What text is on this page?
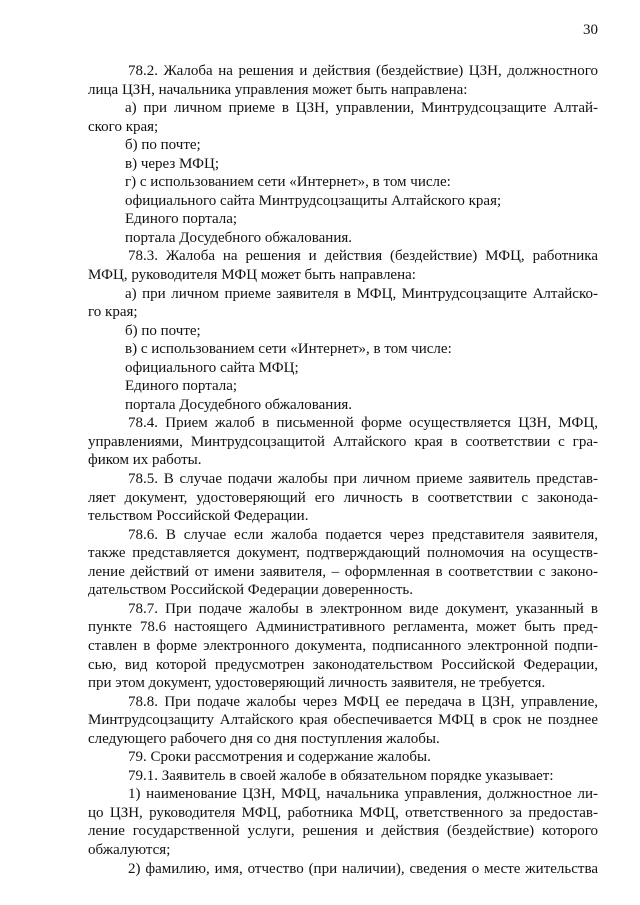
30
78.2. Жалоба на решения и действия (бездействие) ЦЗН, должностного
лица ЦЗН, начальника управления может быть направлена:
а) при личном приеме в ЦЗН, управлении, Минтрудсоцзащите Алтай-
ского края;
б) по почте;
в) через МФЦ;
г) с использованием сети «Интернет», в том числе:
официального сайта Минтрудсоцзащиты Алтайского края;
Единого портала;
портала Досудебного обжалования.
78.3. Жалоба на решения и действия (бездействие) МФЦ, работника
МФЦ, руководителя МФЦ может быть направлена:
а) при личном приеме заявителя в МФЦ, Минтрудсоцзащите Алтайско-
го края;
б) по почте;
в) с использованием сети «Интернет», в том числе:
официального сайта МФЦ;
Единого портала;
портала Досудебного обжалования.
78.4. Прием жалоб в письменной форме осуществляется ЦЗН, МФЦ,
управлениями, Минтрудсоцзащитой Алтайского края в соответствии с гра-
фиком их работы.
78.5. В случае подачи жалобы при личном приеме заявитель представ-
ляет документ, удостоверяющий его личность в соответствии с законода-
тельством Российской Федерации.
78.6. В случае если жалоба подается через представителя заявителя,
также представляется документ, подтверждающий полномочия на осуществ-
ление действий от имени заявителя, – оформленная в соответствии с законо-
дательством Российской Федерации доверенность.
78.7. При подаче жалобы в электронном виде документ, указанный в
пункте 78.6 настоящего Административного регламента, может быть пред-
ставлен в форме электронного документа, подписанного электронной подпи-
сью, вид которой предусмотрен законодательством Российской Федерации,
при этом документ, удостоверяющий личность заявителя, не требуется.
78.8. При подаче жалобы через МФЦ ее передача в ЦЗН, управление,
Минтрудсоцзащиту Алтайского края обеспечивается МФЦ в срок не позднее
следующего рабочего дня со дня поступления жалобы.
79. Сроки рассмотрения и содержание жалобы.
79.1. Заявитель в своей жалобе в обязательном порядке указывает:
1) наименование ЦЗН, МФЦ, начальника управления, должностное ли-
цо ЦЗН, руководителя МФЦ, работника МФЦ, ответственного за предостав-
ление государственной услуги, решения и действия (бездействие) которого
обжалуются;
2) фамилию, имя, отчество (при наличии), сведения о месте жительства
